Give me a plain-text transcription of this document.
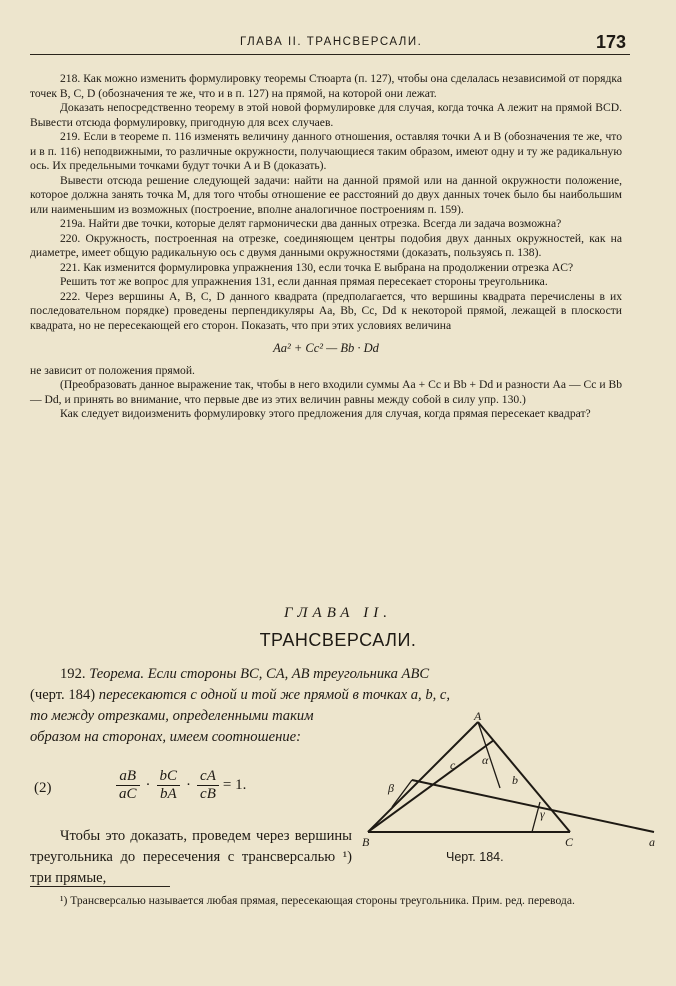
ГЛАВА II. ТРАНСВЕРСАЛИ.	173

218. Как можно изменить формулировку теоремы Стюарта (п. 127), чтобы она сделалась независимой от порядка точек B, C, D (обозначения те же, что и в п. 127) на прямой, на которой они лежат.

Доказать непосредственно теорему в этой новой формулировке для случая, когда точка A лежит на прямой BCD. Вывести отсюда формулировку, пригодную для всех случаев.

219. Если в теореме п. 116 изменять величину данного отношения, оставляя точки A и B (обозначения те же, что и в п. 116) неподвижными, то различные окружности, получающиеся таким образом, имеют одну и ту же радикальную ось. Их предельными точками будут точки A и B (доказать).

Вывести отсюда решение следующей задачи: найти на данной прямой или на данной окружности положение, которое должна занять точка M, для того чтобы отношение ее расстояний до двух данных точек было бы наибольшим или наименьшим из возможных (построение, вполне аналогичное построениям п. 159).

219a. Найти две точки, которые делят гармонически два данных отрезка. Всегда ли задача возможна?

220. Окружность, построенная на отрезке, соединяющем центры подобия двух данных окружностей, как на диаметре, имеет общую радикальную ось с двумя данными окружностями (доказать, пользуясь п. 138).

221. Как изменится формулировка упражнения 130, если точка E выбрана на продолжении отрезка AC?

Решить тот же вопрос для упражнения 131, если данная прямая пересекает стороны треугольника.

222. Через вершины A, B, C, D данного квадрата (предполагается, что вершины квадрата перечислены в их последовательном порядке) проведены перпендикуляры Aa, Bb, Cc, Dd к некоторой прямой, лежащей в плоскости квадрата, но не пересекающей его сторон. Показать, что при этих условиях величина

Aa² + Cc² — Bb · Dd

не зависит от положения прямой.

(Преобразовать данное выражение так, чтобы в него входили суммы Aa + Cc и Bb + Dd и разности Aa — Cc и Bb — Dd, и принять во внимание, что первые две из этих величин равны между собой в силу упр. 130.)

Как следует видоизменить формулировку этого предложения для случая, когда прямая пересекает квадрат?

ГЛАВА II.
ТРАНСВЕРСАЛИ.
192. Теорема. Если стороны BC, CA, AB треугольника ABC
(черт. 184) пересекаются с одной и той же прямой в точках a, b, c,
то между отрезками, определенными таким образом на сторонах, имеем соотношение:
(2)	$\frac{aB}{aC} \cdot \frac{bC}{bA} \cdot \frac{cA}{cB} = 1$.
Чтобы это доказать, проведем через вершины треугольника до пересечения с трансверсалью ¹) три прямые,
A
B	C	a
b
c α
β
γ
Черт. 184.
¹) Трансверсалью называется любая прямая, пересекающая стороны треугольника. Прим. ред. перевода.
